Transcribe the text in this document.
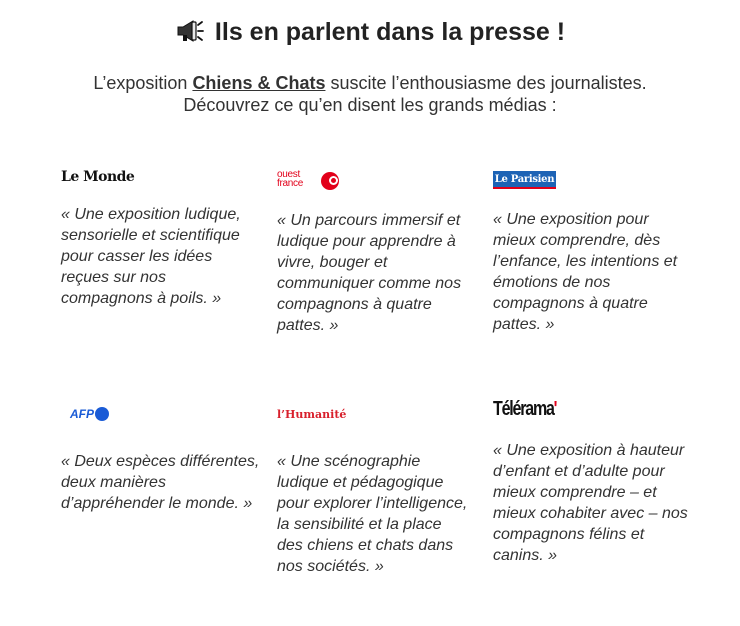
Ils en parlent dans la presse !
L’exposition Chiens & Chats suscite l’enthousiasme des journalistes.
Découvrez ce qu’en disent les grands médias :
Le Monde
« Une exposition ludique, sensorielle et scientifique pour casser les idées reçues sur nos compagnons à poils. »
ouest
france
« Un parcours immersif et ludique pour apprendre à vivre, bouger et communiquer comme nos compagnons à quatre pattes. »
Le Parisien
« Une exposition pour mieux comprendre, dès l’enfance, les intentions et émotions de nos compagnons à quatre pattes. »
AFP
« Deux espèces différentes, deux manières d’appréhender le monde. »
l’Humanité
« Une scénographie ludique et pédagogique pour explorer l’intelligence, la sensibilité et la place des chiens et chats dans nos sociétés. »
Télérama'
« Une exposition à hauteur d’enfant et d’adulte pour mieux comprendre – et mieux cohabiter avec – nos compagnons félins et canins. »
